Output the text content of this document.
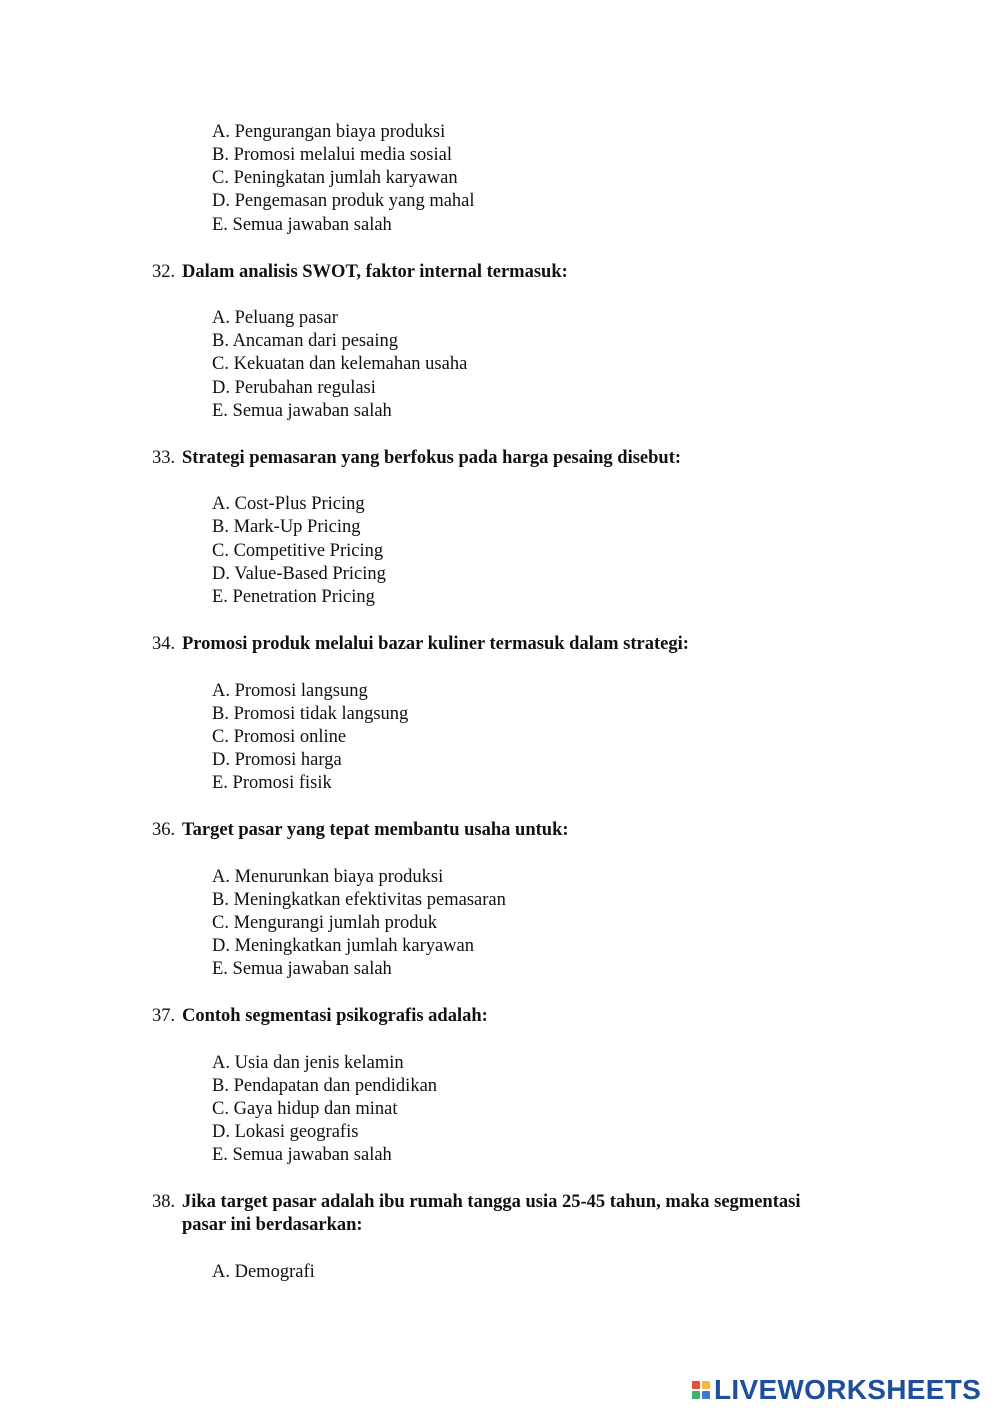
A. Pengurangan biaya produksi
B. Promosi melalui media sosial
C. Peningkatan jumlah karyawan
D. Pengemasan produk yang mahal
E. Semua jawaban salah
32. Dalam analisis SWOT, faktor internal termasuk:
A. Peluang pasar
B. Ancaman dari pesaing
C. Kekuatan dan kelemahan usaha
D. Perubahan regulasi
E. Semua jawaban salah
33. Strategi pemasaran yang berfokus pada harga pesaing disebut:
A. Cost-Plus Pricing
B. Mark-Up Pricing
C. Competitive Pricing
D. Value-Based Pricing
E. Penetration Pricing
34. Promosi produk melalui bazar kuliner termasuk dalam strategi:
A. Promosi langsung
B. Promosi tidak langsung
C. Promosi online
D. Promosi harga
E. Promosi fisik
36. Target pasar yang tepat membantu usaha untuk:
A. Menurunkan biaya produksi
B. Meningkatkan efektivitas pemasaran
C. Mengurangi jumlah produk
D. Meningkatkan jumlah karyawan
E. Semua jawaban salah
37. Contoh segmentasi psikografis adalah:
A. Usia dan jenis kelamin
B. Pendapatan dan pendidikan
C. Gaya hidup dan minat
D. Lokasi geografis
E. Semua jawaban salah
38. Jika target pasar adalah ibu rumah tangga usia 25-45 tahun, maka segmentasi
pasar ini berdasarkan:
A. Demografi
LIVEWORKSHEETS
